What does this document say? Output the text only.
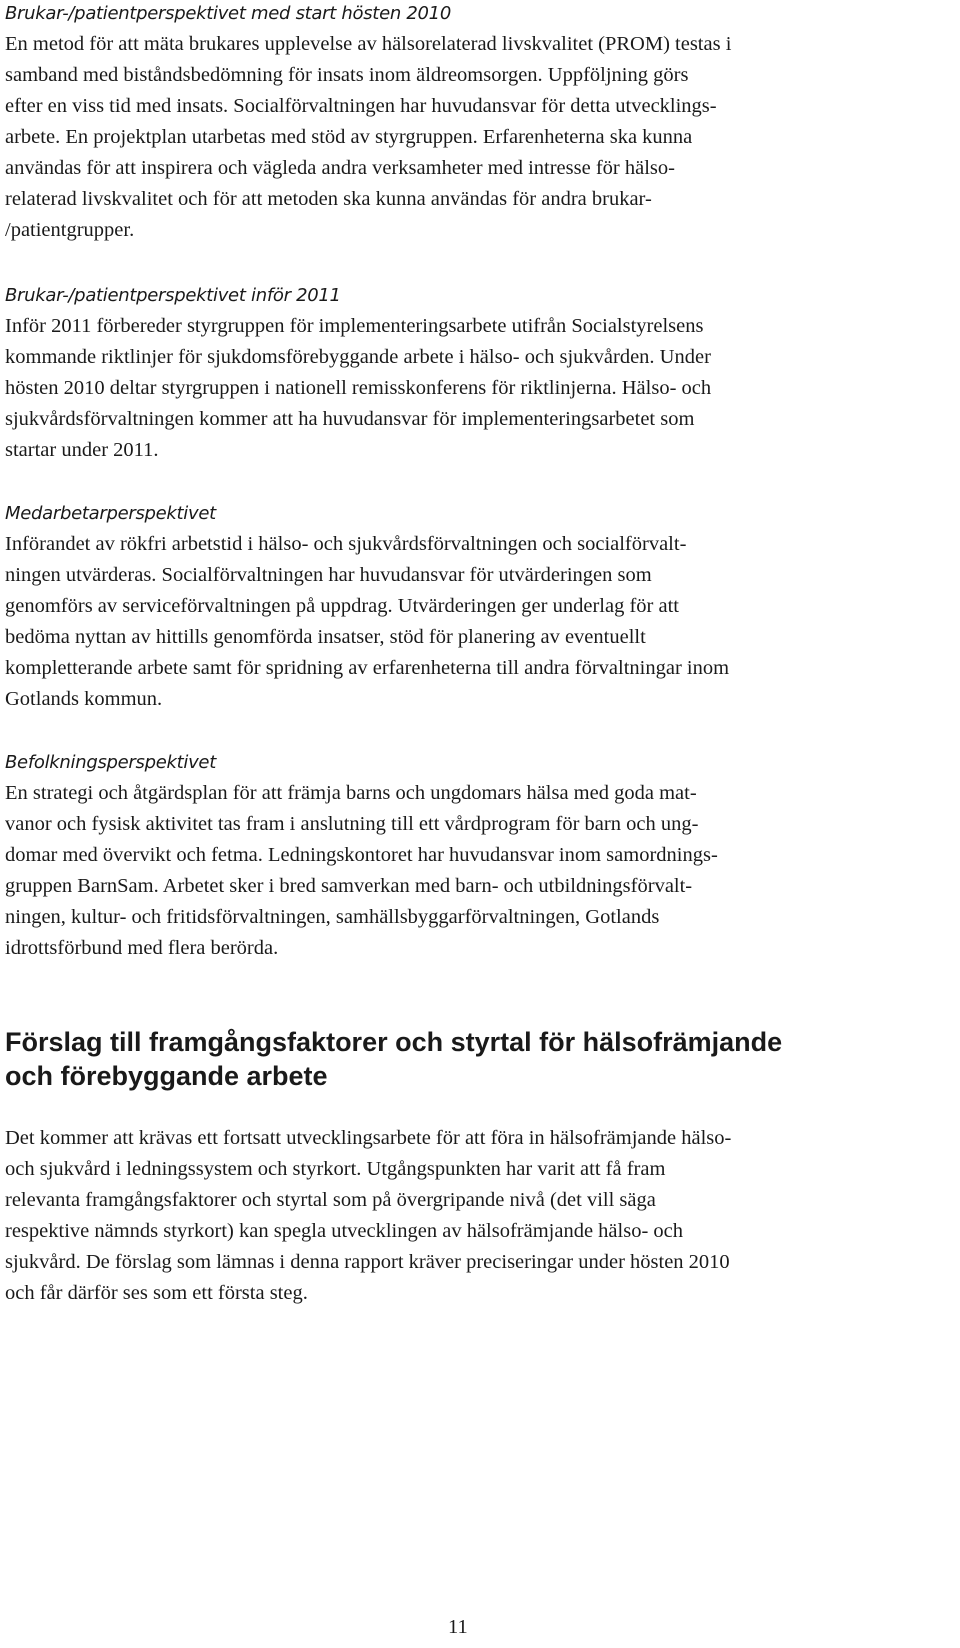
Brukar-/patientperspektivet med start hösten 2010

En metod för att mäta brukares upplevelse av hälsorelaterad livskvalitet (PROM) testas i
samband med biståndsbedömning för insats inom äldreomsorgen. Uppföljning görs
efter en viss tid med insats. Socialförvaltningen har huvudansvar för detta utvecklings-
arbete. En projektplan utarbetas med stöd av styrgruppen. Erfarenheterna ska kunna
användas för att inspirera och vägleda andra verksamheter med intresse för hälso-
relaterad livskvalitet och för att metoden ska kunna användas för andra brukar-
/patientgrupper.

Brukar-/patientperspektivet inför 2011

Inför 2011 förbereder styrgruppen för implementeringsarbete utifrån Socialstyrelsens
kommande riktlinjer för sjukdomsförebyggande arbete i hälso- och sjukvården. Under
hösten 2010 deltar styrgruppen i nationell remisskonferens för riktlinjerna. Hälso- och
sjukvårdsförvaltningen kommer att ha huvudansvar för implementeringsarbetet som
startar under 2011.

Medarbetarperspektivet

Införandet av rökfri arbetstid i hälso- och sjukvårdsförvaltningen och socialförvalt-
ningen utvärderas. Socialförvaltningen har huvudansvar för utvärderingen som
genomförs av serviceförvaltningen på uppdrag. Utvärderingen ger underlag för att
bedöma nyttan av hittills genomförda insatser, stöd för planering av eventuellt
kompletterande arbete samt för spridning av erfarenheterna till andra förvaltningar inom
Gotlands kommun.

Befolkningsperspektivet

En strategi och åtgärdsplan för att främja barns och ungdomars hälsa med goda mat-
vanor och fysisk aktivitet tas fram i anslutning till ett vårdprogram för barn och ung-
domar med övervikt och fetma. Ledningskontoret har huvudansvar inom samordnings-
gruppen BarnSam. Arbetet sker i bred samverkan med barn- och utbildningsförvalt-
ningen, kultur- och fritidsförvaltningen, samhällsbyggarförvaltningen, Gotlands
idrottsförbund med flera berörda.

Förslag till framgångsfaktorer och styrtal för hälsofrämjande
och förebyggande arbete

Det kommer att krävas ett fortsatt utvecklingsarbete för att föra in hälsofrämjande hälso-
och sjukvård i ledningssystem och styrkort. Utgångspunkten har varit att få fram
relevanta framgångsfaktorer och styrtal som på övergripande nivå (det vill säga
respektive nämnds styrkort) kan spegla utvecklingen av hälsofrämjande hälso- och
sjukvård. De förslag som lämnas i denna rapport kräver preciseringar under hösten 2010
och får därför ses som ett första steg.

11
